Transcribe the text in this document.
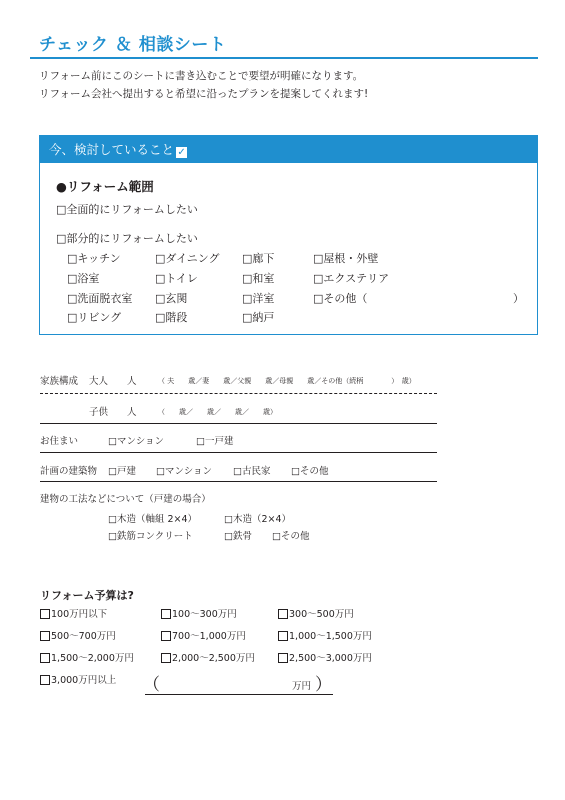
チェック ＆ 相談シート
リフォーム前にこのシートに書き込むことで要望が明確になります。
リフォーム会社へ提出すると希望に沿ったプランを提案してくれます!
今、検討していること ✓
●リフォーム範囲
□全面的にリフォームしたい
□部分的にリフォームしたい
□キッチン	□ダイニング □廊下	□屋根・外壁
□浴室	□トイレ	□和室	□エクステリア
□洗面脱衣室 □玄関	□洋室	□その他（	）
□リビング	□階段	□納戸
家族構成 大人 人	（ 夫　　歳／妻　　歳／父親　　歳／母親　　歳／その他（続柄　　　　）　歳）
子供 人	（　　歳／　　歳／　　歳／　　歳）
お住まい	□マンション	□一戸建
計画の建築物 □戸建 □マンション □古民家 □その他
建物の工法などについて（戸建の場合）
□木造（軸組 2×4）	□木造（2×4）
□鉄筋コンクリート	□鉄骨 □その他
リフォーム予算は?
100万円以下	100～300万円	300～500万円
500～700万円	700～1,000万円	1,000～1,500万円
1,500～2,000万円	2,000～2,500万円	2,500～3,000万円
3,000万円以上 （	万円 ）
